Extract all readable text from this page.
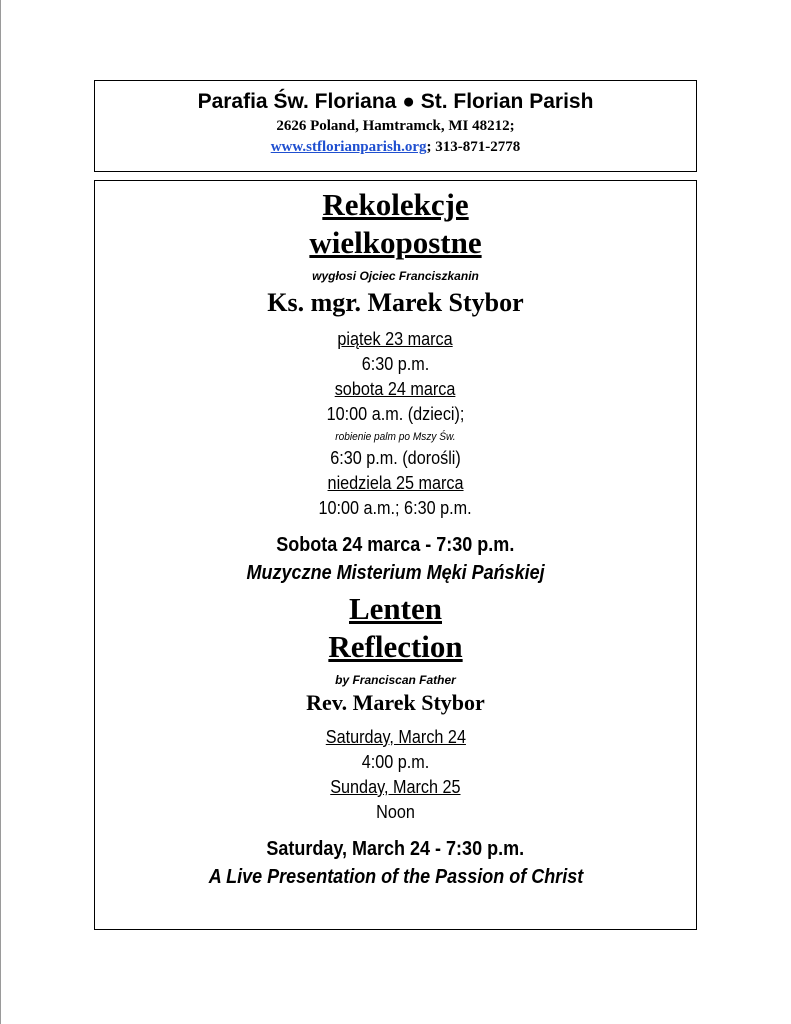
Parafia Św. Floriana ● St. Florian Parish
2626 Poland, Hamtramck, MI 48212;
www.stflorianparish.org; 313-871-2778
Rekolekcje
wielkopostne
wygłosi Ojciec Franciszkanin
Ks. mgr. Marek Stybor
piątek 23 marca
6:30 p.m.
sobota 24 marca
10:00 a.m. (dzieci);
robienie palm po Mszy Św.
6:30 p.m. (dorośli)
niedziela 25 marca
10:00 a.m.; 6:30 p.m.
Sobota 24 marca - 7:30 p.m.
Muzyczne Misterium Męki Pańskiej
Lenten
Reflection
by Franciscan Father
Rev. Marek Stybor
Saturday, March 24
4:00 p.m.
Sunday, March 25
Noon
Saturday, March 24 - 7:30 p.m.
A Live Presentation of the Passion of Christ
